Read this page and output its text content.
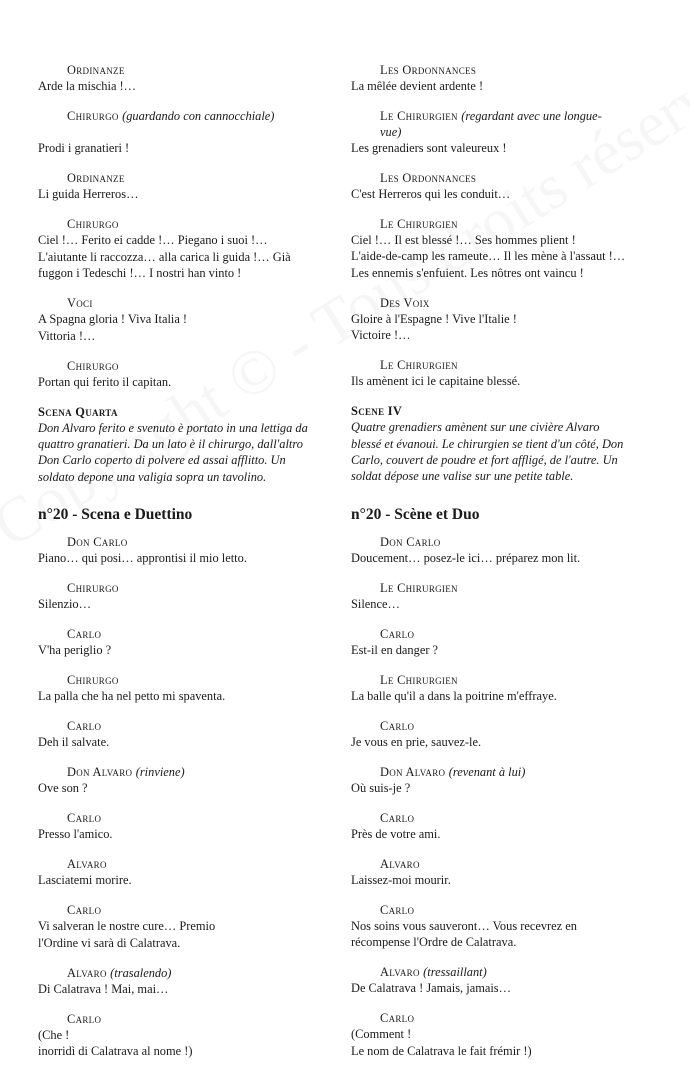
Ordinanze
Arde la mischia !…
Chirurgo (guardando con cannocchiale)

Prodi i granatieri !
Ordinanze
Li guida Herreros…
Chirurgo
Ciel !… Ferito ei cadde !… Piegano i suoi !…
L'aiutante li raccozza… alla carica li guida !… Già
fuggon i Tedeschi !… I nostri han vinto !
Voci
A Spagna gloria ! Viva Italia !
Vittoria !…
Chirurgo
Portan qui ferito il capitan.
Scena Quarta
Don Alvaro ferito e svenuto è portato in una lettiga da
quattro granatieri. Da un lato è il chirurgo, dall'altro
Don Carlo coperto di polvere ed assai afflitto. Un
soldato depone una valigia sopra un tavolino.
n°20 - Scena e Duettino
Don Carlo
Piano… qui posi… approntisi il mio letto.
Chirurgo
Silenzio…
Carlo
V'ha periglio ?
Chirurgo
La palla che ha nel petto mi spaventa.
Carlo
Deh il salvate.
Don Alvaro (rinviene)
Ove son ?
Carlo
Presso l'amico.
Alvaro
Lasciatemi morire.
Carlo
Vi salveran le nostre cure… Premio
l'Ordine vi sarà di Calatrava.
Alvaro (trasalendo)
Di Calatrava ! Mai, mai…
Carlo
(Che !
inorridì di Calatrava al nome !)
Les Ordonnances
La mêlée devient ardente !
Le Chirurgien (regardant avec une longue-
vue)
Les grenadiers sont valeureux !
Les Ordonnances
C'est Herreros qui les conduit…
Le Chirurgien
Ciel !… Il est blessé !… Ses hommes plient !
L'aide-de-camp les rameute… Il les mène à l'assaut !…
Les ennemis s'enfuient. Les nôtres ont vaincu !
Des Voix
Gloire à l'Espagne ! Vive l'Italie !
Victoire !…
Le Chirurgien
Ils amènent ici le capitaine blessé.
Scene IV
Quatre grenadiers amènent sur une civière Alvaro
blessé et évanoui. Le chirurgien se tient d'un côté, Don
Carlo, couvert de poudre et fort affligé, de l'autre. Un
soldat dépose une valise sur une petite table.
n°20 - Scène et Duo
Don Carlo
Doucement… posez-le ici… préparez mon lit.
Le Chirurgien
Silence…
Carlo
Est-il en danger ?
Le Chirurgien
La balle qu'il a dans la poitrine m'effraye.
Carlo
Je vous en prie, sauvez-le.
Don Alvaro (revenant à lui)
Où suis-je ?
Carlo
Près de votre ami.
Alvaro
Laissez-moi mourir.
Carlo
Nos soins vous sauveront… Vous recevrez en
récompense l'Ordre de Calatrava.
Alvaro (tressaillant)
De Calatrava ! Jamais, jamais…
Carlo
(Comment !
Le nom de Calatrava le fait frémir !)
